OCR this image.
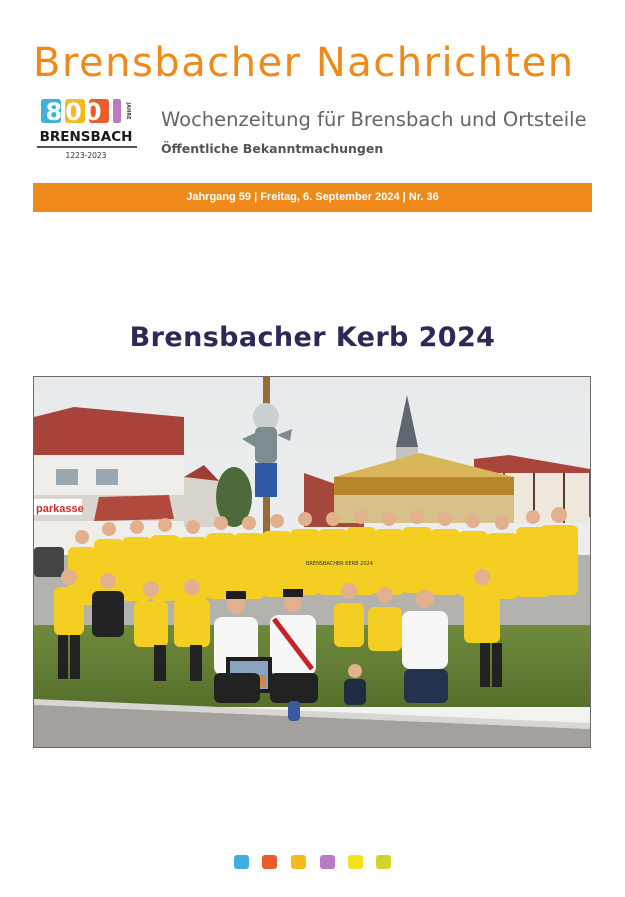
Brensbacher Nachrichten
800	JAHRE
BRENSBACH
1223-2023
Wochenzeitung für Brensbach und Ortsteile
Öffentliche Bekanntmachungen
Jahrgang 59 | Freitag, 6. September 2024 | Nr. 36
Brensbacher Kerb 2024
parkasse
BRENSBACHER KERB 2024
